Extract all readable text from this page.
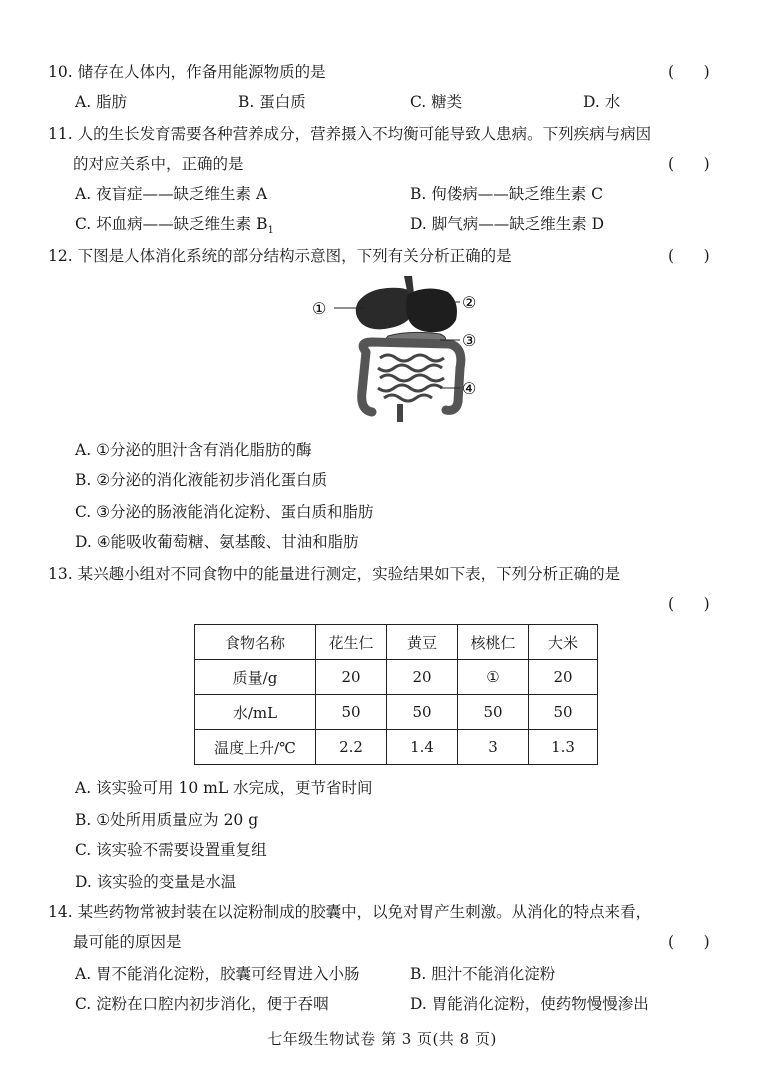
10. 储存在人体内，作备用能源物质的是	(      )
A. 脂肪	B. 蛋白质	C. 糖类	D. 水
11. 人的生长发育需要各种营养成分，营养摄入不均衡可能导致人患病。下列疾病与病因
的对应关系中，正确的是	(      )
A. 夜盲症——缺乏维生素 A	B. 佝偻病——缺乏维生素 C
C. 坏血病——缺乏维生素 $B_1$	D. 脚气病——缺乏维生素 D
12. 下图是人体消化系统的部分结构示意图，下列有关分析正确的是	(      )
①	②
③
④
A. ①分泌的胆汁含有消化脂肪的酶
B. ②分泌的消化液能初步消化蛋白质
C. ③分泌的肠液能消化淀粉、蛋白质和脂肪
D. ④能吸收葡萄糖、氨基酸、甘油和脂肪
13. 某兴趣小组对不同食物中的能量进行测定，实验结果如下表，下列分析正确的是
(      )
食物名称	花生仁	黄豆	核桃仁	大米
质量/g	20	20	①	20
水/mL	50	50	50	50
温度上升/℃	2.2	1.4	3	1.3
A. 该实验可用 10 mL 水完成，更节省时间
B. ①处所用质量应为 20 g
C. 该实验不需要设置重复组
D. 该实验的变量是水温
14. 某些药物常被封装在以淀粉制成的胶囊中，以免对胃产生刺激。从消化的特点来看，
最可能的原因是	(      )
A. 胃不能消化淀粉，胶囊可经胃进入小肠	B. 胆汁不能消化淀粉
C. 淀粉在口腔内初步消化，便于吞咽	D. 胃能消化淀粉，使药物慢慢渗出
七年级生物试卷 第 3 页(共 8 页)
